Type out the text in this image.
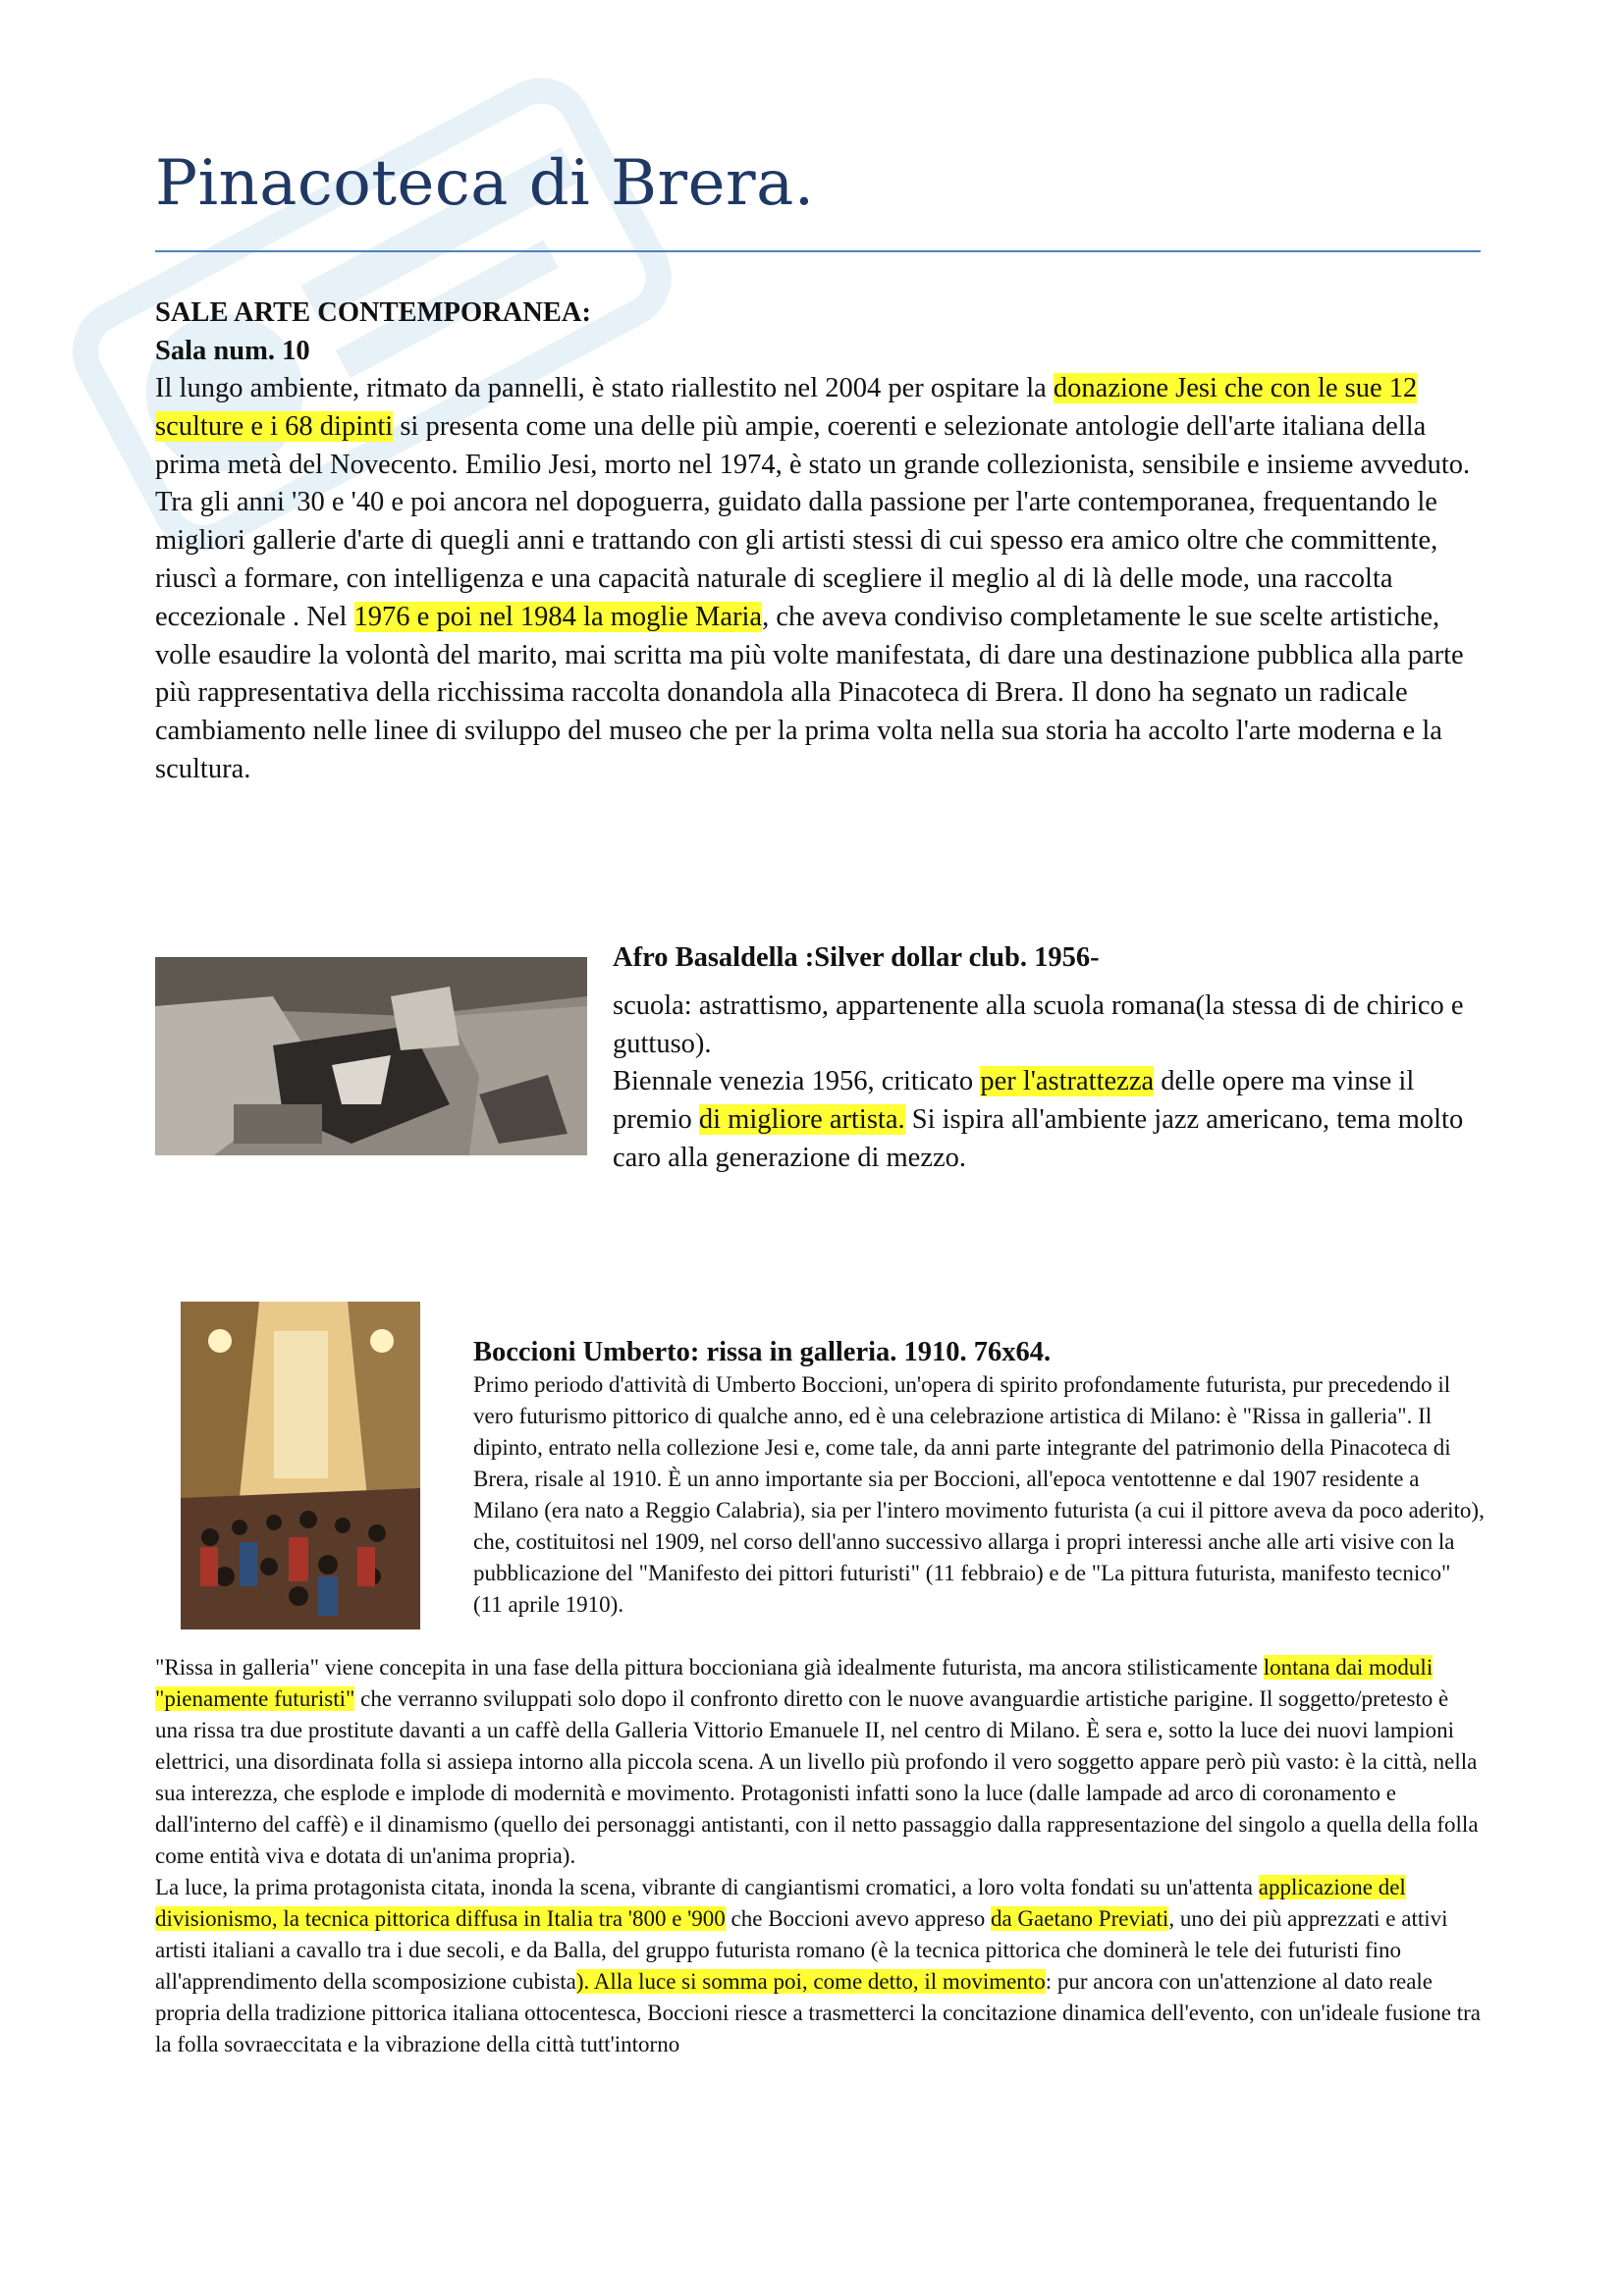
Pinacoteca di Brera.
SALE ARTE CONTEMPORANEA:
Sala num. 10
Il lungo ambiente, ritmato da pannelli, è stato riallestito nel 2004 per ospitare la donazione Jesi che con le sue 12 sculture e i 68 dipinti si presenta come una delle più ampie, coerenti e selezionate antologie dell'arte italiana della prima metà del Novecento. Emilio Jesi, morto nel 1974, è stato un grande collezionista, sensibile e insieme avveduto. Tra gli anni '30 e '40 e poi ancora nel dopoguerra, guidato dalla passione per l'arte contemporanea, frequentando le migliori gallerie d'arte di quegli anni e trattando con gli artisti stessi di cui spesso era amico oltre che committente, riuscì a formare, con intelligenza e una capacità naturale di scegliere il meglio al di là delle mode, una raccolta eccezionale . Nel 1976 e poi nel 1984 la moglie Maria, che aveva condiviso completamente le sue scelte artistiche, volle esaudire la volontà del marito, mai scritta ma più volte manifestata, di dare una destinazione pubblica alla parte più rappresentativa della ricchissima raccolta donandola alla Pinacoteca di Brera. Il dono ha segnato un radicale cambiamento nelle linee di sviluppo del museo che per la prima volta nella sua storia ha accolto l'arte moderna e la scultura.
Afro Basaldella :Silver dollar club. 1956-
scuola: astrattismo, appartenente alla scuola romana(la stessa di de chirico e guttuso).
Biennale venezia 1956, criticato per l'astrattezza delle opere ma vinse il premio di migliore artista. Si ispira all'ambiente jazz americano, tema molto caro alla generazione di mezzo.
Boccioni Umberto: rissa in galleria. 1910. 76x64.
Primo periodo d'attività di Umberto Boccioni, un'opera di spirito profondamente futurista, pur precedendo il vero futurismo pittorico di qualche anno, ed è una celebrazione artistica di Milano: è "Rissa in galleria". Il dipinto, entrato nella collezione Jesi e, come tale, da anni parte integrante del patrimonio della Pinacoteca di Brera, risale al 1910. È un anno importante sia per Boccioni, all'epoca ventottenne e dal 1907 residente a Milano (era nato a Reggio Calabria), sia per l'intero movimento futurista (a cui il pittore aveva da poco aderito), che, costituitosi nel 1909, nel corso dell'anno successivo allarga i propri interessi anche alle arti visive con la pubblicazione del "Manifesto dei pittori futuristi" (11 febbraio) e de "La pittura futurista, manifesto tecnico" (11 aprile 1910).
"Rissa in galleria" viene concepita in una fase della pittura boccioniana già idealmente futurista, ma ancora stilisticamente lontana dai moduli "pienamente futuristi" che verranno sviluppati solo dopo il confronto diretto con le nuove avanguardie artistiche parigine. Il soggetto/pretesto è una rissa tra due prostitute davanti a un caffè della Galleria Vittorio Emanuele II, nel centro di Milano. È sera e, sotto la luce dei nuovi lampioni elettrici, una disordinata folla si assiepa intorno alla piccola scena. A un livello più profondo il vero soggetto appare però più vasto: è la città, nella sua interezza, che esplode e implode di modernità e movimento. Protagonisti infatti sono la luce (dalle lampade ad arco di coronamento e dall'interno del caffè) e il dinamismo (quello dei personaggi antistanti, con il netto passaggio dalla rappresentazione del singolo a quella della folla come entità viva e dotata di un'anima propria).
La luce, la prima protagonista citata, inonda la scena, vibrante di cangiantismi cromatici, a loro volta fondati su un'attenta applicazione del divisionismo, la tecnica pittorica diffusa in Italia tra '800 e '900 che Boccioni avevo appreso da Gaetano Previati, uno dei più apprezzati e attivi artisti italiani a cavallo tra i due secoli, e da Balla, del gruppo futurista romano (è la tecnica pittorica che dominerà le tele dei futuristi fino all'apprendimento della scomposizione cubista). Alla luce si somma poi, come detto, il movimento: pur ancora con un'attenzione al dato reale propria della tradizione pittorica italiana ottocentesca, Boccioni riesce a trasmetterci la concitazione dinamica dell'evento, con un'ideale fusione tra la folla sovraeccitata e la vibrazione della città tutt'intorno
